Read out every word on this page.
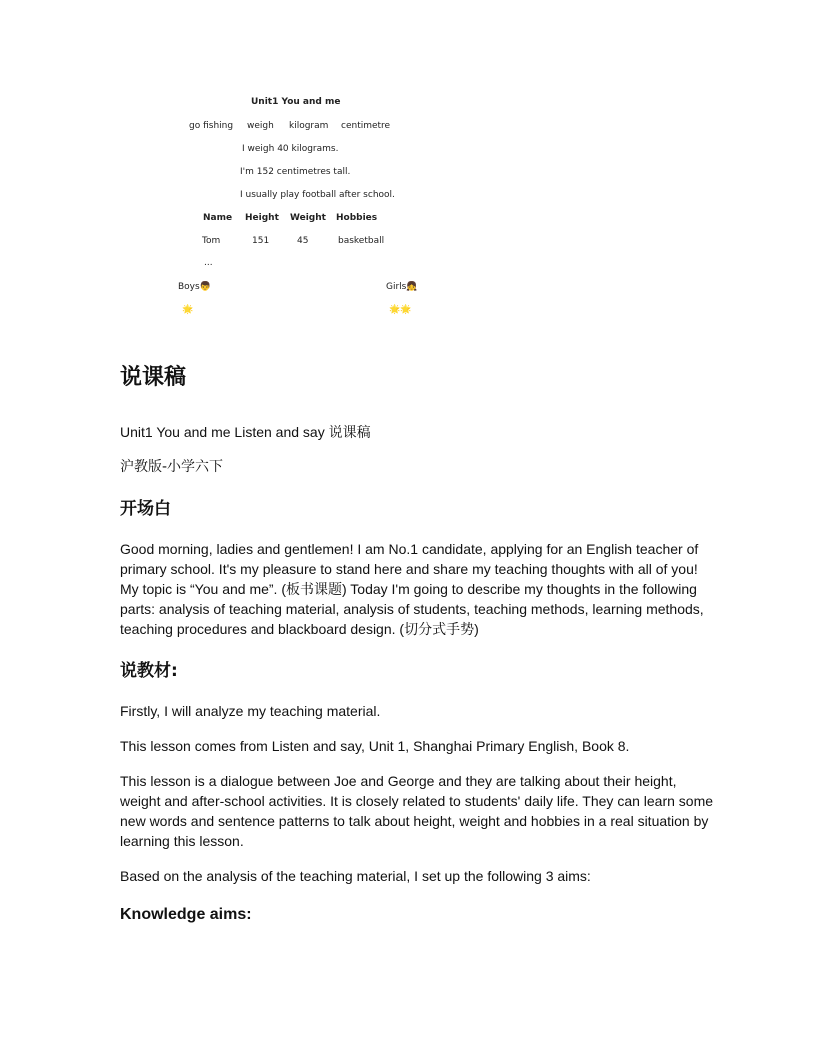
Unit1 You and me
go fishing weigh kilogram centimetre
I weigh 40 kilograms.
I'm 152 centimetres tall.
I usually play football after school.
Name Height Weight Hobbies
Tom	151	45	basketball
...
Boys👦	Girls👧
🌟	🌟🌟
说课稿

Unit1 You and me Listen and say 说课稿

沪教版-小学六下

开场白

Good morning, ladies and gentlemen! I am No.1 candidate, applying for an English teacher of primary school. It's my pleasure to stand here and share my teaching thoughts with all of you! My topic is “You and me”. (板书课题) Today I'm going to describe my thoughts in the following parts: analysis of teaching material, analysis of students, teaching methods, learning methods, teaching procedures and blackboard design. (切分式手势)

说教材:

Firstly, I will analyze my teaching material.

This lesson comes from Listen and say, Unit 1, Shanghai Primary English, Book 8.

This lesson is a dialogue between Joe and George and they are talking about their height, weight and after-school activities. It is closely related to students' daily life. They can learn some new words and sentence patterns to talk about height, weight and hobbies in a real situation by learning this lesson.

Based on the analysis of the teaching material, I set up the following 3 aims:

Knowledge aims:
